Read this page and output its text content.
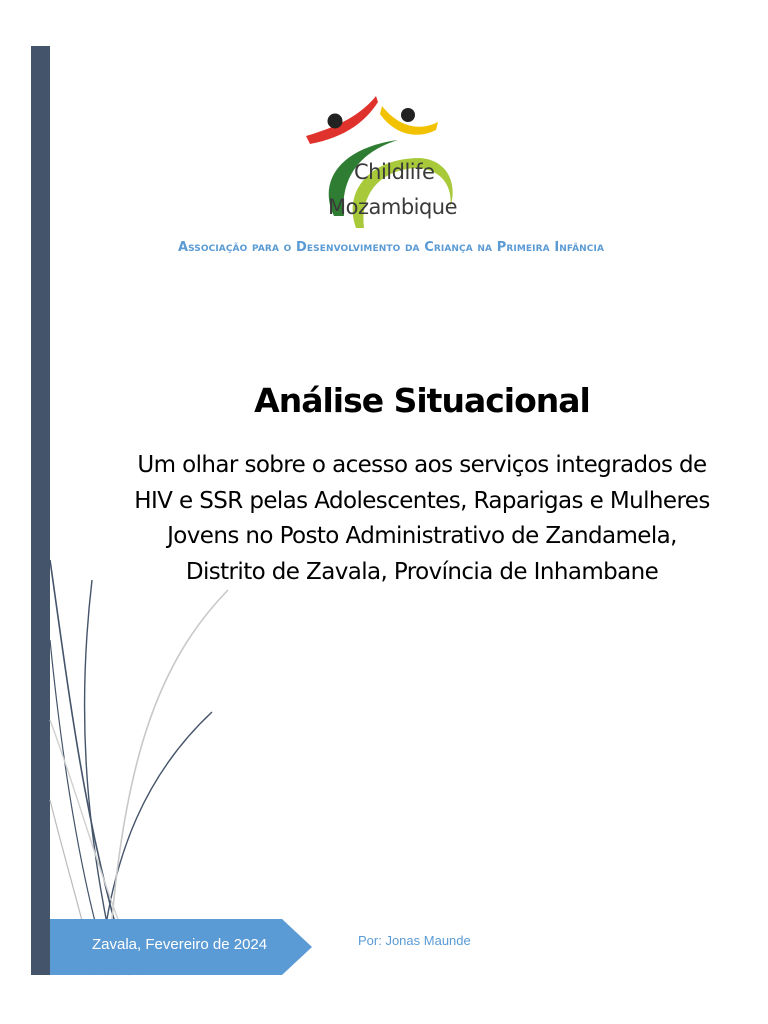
Childlife
Mozambique
Associação para o Desenvolvimento da Criança na Primeira Infância
Análise Situacional
Um olhar sobre o acesso aos serviços integrados de
HIV e SSR pelas Adolescentes, Raparigas e Mulheres
Jovens no Posto Administrativo de Zandamela,
Distrito de Zavala, Província de Inhambane
Zavala, Fevereiro de 2024	Por: Jonas Maunde
